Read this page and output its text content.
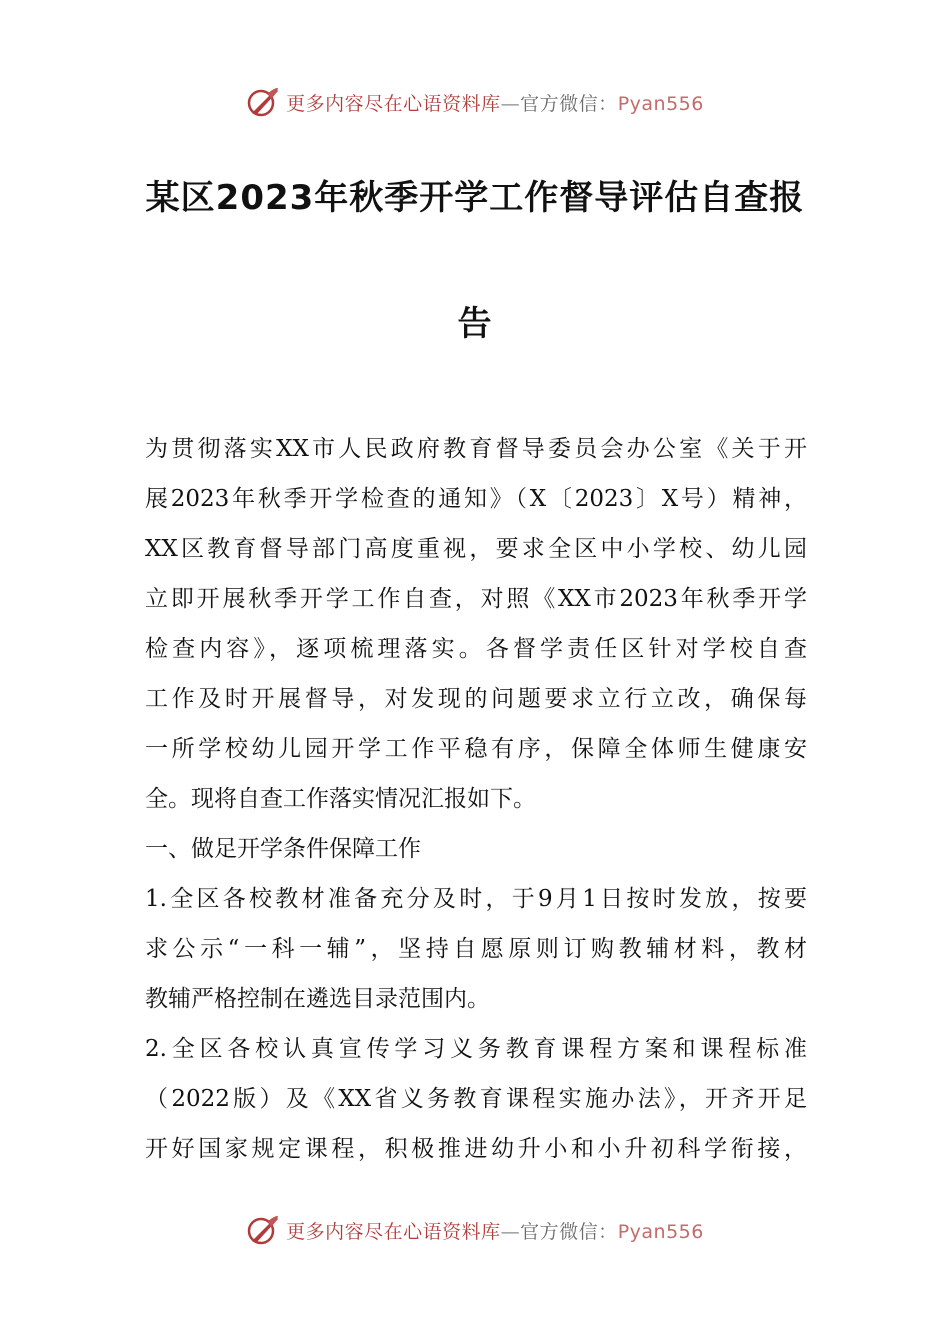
更多内容尽在心语资料库—官方微信：Pyan556
某区2023年秋季开学工作督导评估自查报
告
为贯彻落实XX市人民政府教育督导委员会办公室《关于开
展2023年秋季开学检查的通知》（X〔2023〕X号）精神，
XX区教育督导部门高度重视，要求全区中小学校、幼儿园
立即开展秋季开学工作自查，对照《XX市2023年秋季开学
检查内容》，逐项梳理落实。各督学责任区针对学校自查
工作及时开展督导，对发现的问题要求立行立改，确保每
一所学校幼儿园开学工作平稳有序，保障全体师生健康安
全。现将自查工作落实情况汇报如下。
一、做足开学条件保障工作
1.全区各校教材准备充分及时，于9月1日按时发放，按要
求公示“一科一辅”，坚持自愿原则订购教辅材料，教材
教辅严格控制在遴选目录范围内。
2.全区各校认真宣传学习义务教育课程方案和课程标准
（2022版）及《XX省义务教育课程实施办法》，开齐开足
开好国家规定课程，积极推进幼升小和小升初科学衔接，
更多内容尽在心语资料库—官方微信：Pyan556
